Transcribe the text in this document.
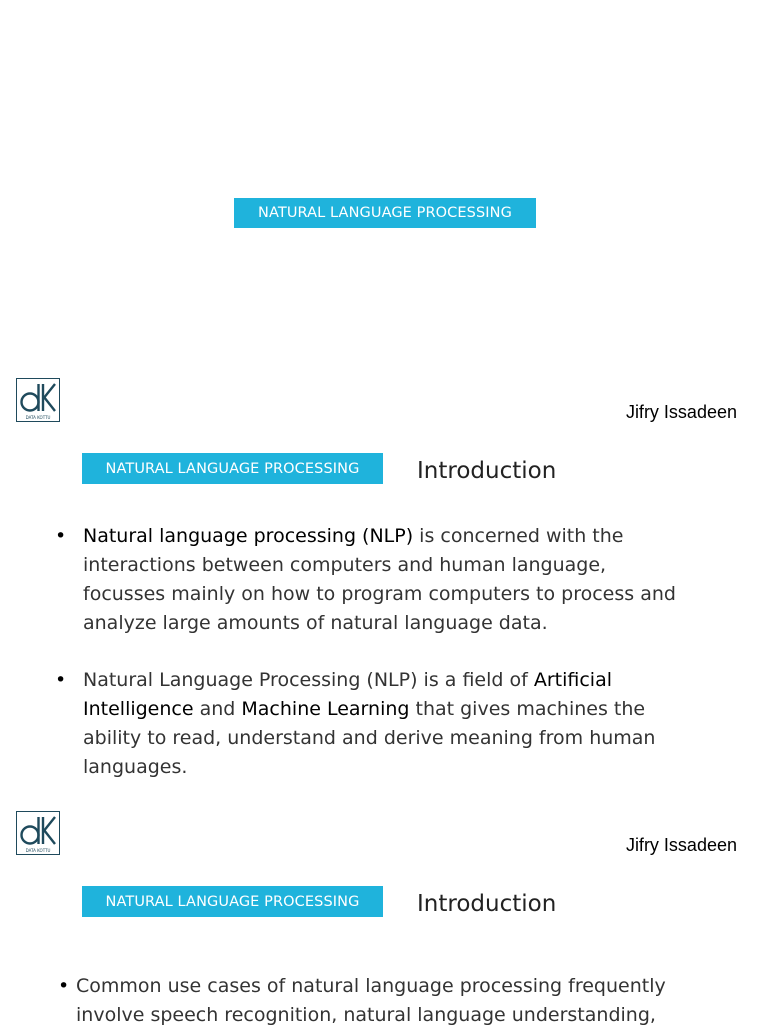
NATURAL LANGUAGE PROCESSING
DATA KOTTU	Jifry Issadeen
NATURAL LANGUAGE PROCESSING	Introduction
• Natural language processing (NLP) is concerned with the interactions between computers and human language, focusses mainly on how to program computers to process and analyze large amounts of natural language data.
• Natural Language Processing (NLP) is a field of Artificial Intelligence and Machine Learning that gives machines the ability to read, understand and derive meaning from human languages.
DATA KOTTU	Jifry Issadeen
NATURAL LANGUAGE PROCESSING	Introduction
• Common use cases of natural language processing frequently involve speech recognition, natural language understanding,
